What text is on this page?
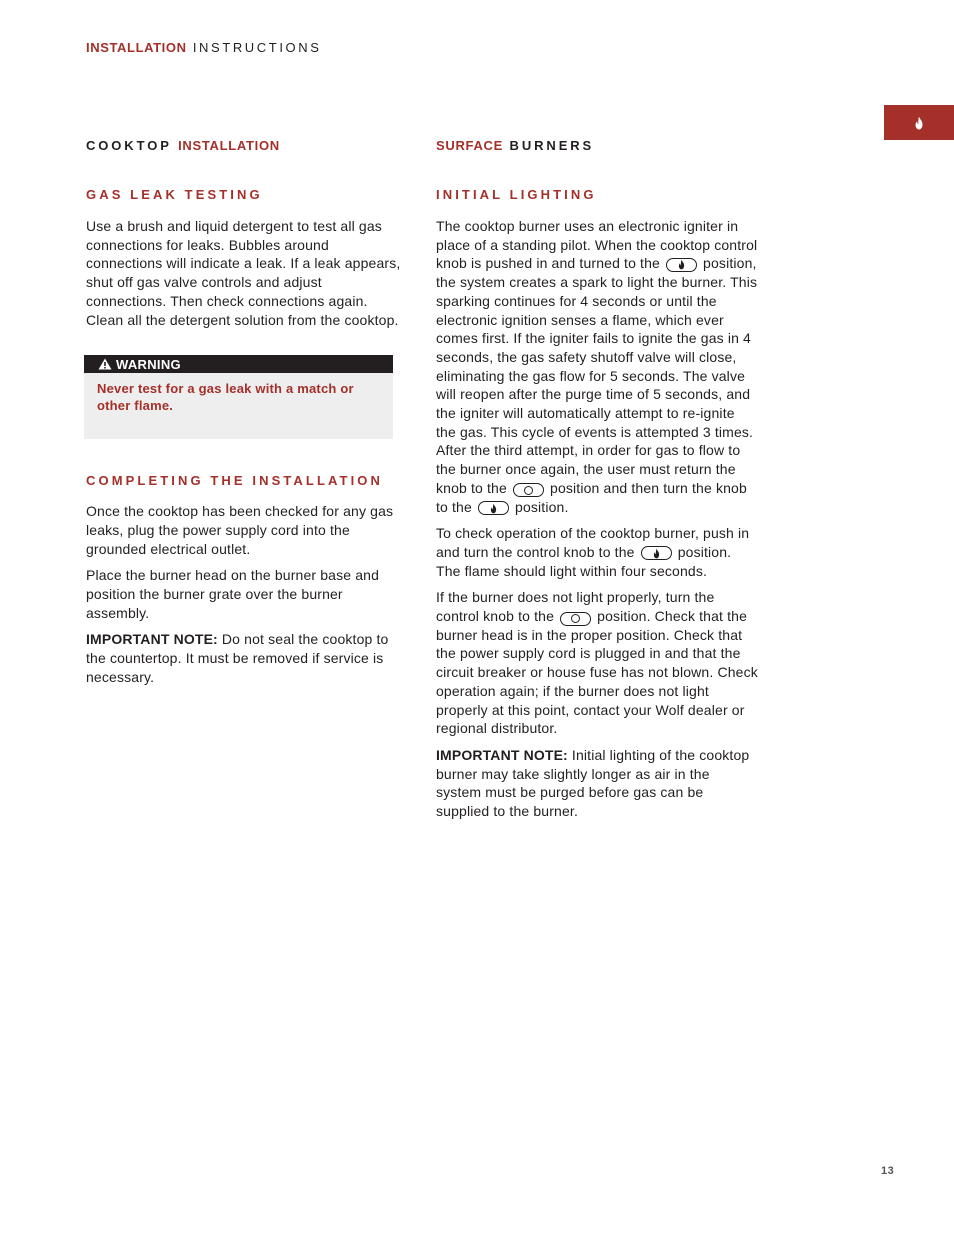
INSTALLATION INSTRUCTIONS
COOKTOP INSTALLATION
GAS LEAK TESTING

Use a brush and liquid detergent to test all gas connections for leaks. Bubbles around connections will indicate a leak. If a leak appears, shut off gas valve controls and adjust connections. Then check connections again. Clean all the detergent solution from the cooktop.

WARNING
Never test for a gas leak with a match or other flame.
COMPLETING THE INSTALLATION

Once the cooktop has been checked for any gas leaks, plug the power supply cord into the grounded electrical outlet.

Place the burner head on the burner base and position the burner grate over the burner assembly.

IMPORTANT NOTE: Do not seal the cooktop to the countertop. It must be removed if service is necessary.

SURFACE BURNERS
INITIAL LIGHTING

The cooktop burner uses an electronic igniter in place of a standing pilot. When the cooktop control knob is pushed in and turned to the	position, the system creates a spark to light the burner. This sparking continues for 4 seconds or until the electronic ignition senses a flame, which ever comes first. If the igniter fails to ignite the gas in 4 seconds, the gas safety shutoff valve will close, eliminating the gas flow for 5 seconds. The valve will reopen after the purge time of 5 seconds, and the igniter will automatically attempt to re-ignite the gas. This cycle of events is attempted 3 times. After the third attempt, in order for gas to flow to the burner once again, the user must return the knob to the	position and then turn the knob to the	position.

To check operation of the cooktop burner, push in and turn the control knob to the	position. The flame should light within four seconds.

If the burner does not light properly, turn the control knob to the	position. Check that the burner head is in the proper position. Check that the power supply cord is plugged in and that the circuit breaker or house fuse has not blown. Check operation again; if the burner does not light properly at this point, contact your Wolf dealer or regional distributor.

IMPORTANT NOTE: Initial lighting of the cooktop burner may take slightly longer as air in the system must be purged before gas can be supplied to the burner.

13
